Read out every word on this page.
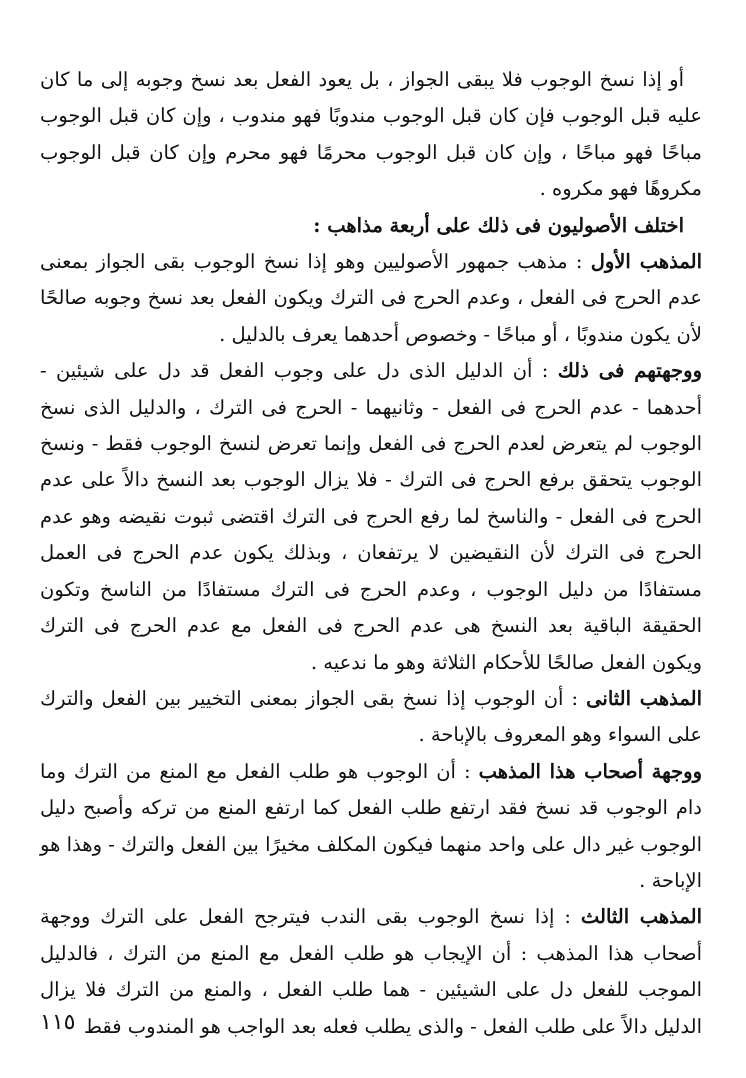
أو إذا نسخ الوجوب فلا يبقى الجواز ، بل يعود الفعل بعد نسخ وجوبه إلى ما كان عليه قبل الوجوب فإن كان قبل الوجوب مندوبًا فهو مندوب ، وإن كان قبل الوجوب مباحًا فهو مباحًا ، وإن كان قبل الوجوب محرمًا فهو محرم وإن كان قبل الوجوب مكروهًا فهو مكروه .

اختلف الأصوليون فى ذلك على أربعة مذاهب :

المذهب الأول : مذهب جمهور الأصوليين وهو إذا نسخ الوجوب بقى الجواز بمعنى عدم الحرج فى الفعل ، وعدم الحرج فى الترك ويكون الفعل بعد نسخ وجوبه صالحًا لأن يكون مندوبًا ، أو مباحًا - وخصوص أحدهما يعرف بالدليل .

ووجهتهم فى ذلك : أن الدليل الذى دل على وجوب الفعل قد دل على شيئين - أحدهما - عدم الحرج فى الفعل - وثانيهما - الحرج فى الترك ، والدليل الذى نسخ الوجوب لم يتعرض لعدم الحرج فى الفعل وإنما تعرض لنسخ الوجوب فقط - ونسخ الوجوب يتحقق برفع الحرج فى الترك - فلا يزال الوجوب بعد النسخ دالاً على عدم الحرج فى الفعل - والناسخ لما رفع الحرج فى الترك اقتضى ثبوت نقيضه وهو عدم الحرج فى الترك لأن النقيضين لا يرتفعان ، وبذلك يكون عدم الحرج فى العمل مستفادًا من دليل الوجوب ، وعدم الحرج فى الترك مستفادًا من الناسخ وتكون الحقيقة الباقية بعد النسخ هى عدم الحرج فى الفعل مع عدم الحرج فى الترك ويكون الفعل صالحًا للأحكام الثلاثة وهو ما ندعيه .

المذهب الثانى : أن الوجوب إذا نسخ بقى الجواز بمعنى التخيير بين الفعل والترك على السواء وهو المعروف بالإباحة .

ووجهة أصحاب هذا المذهب : أن الوجوب هو طلب الفعل مع المنع من الترك وما دام الوجوب قد نسخ فقد ارتفع طلب الفعل كما ارتفع المنع من تركه وأصبح دليل الوجوب غير دال على واحد منهما فيكون المكلف مخيرًا بين الفعل والترك - وهذا هو الإباحة .

المذهب الثالث : إذا نسخ الوجوب بقى الندب فيترجح الفعل على الترك ووجهة أصحاب هذا المذهب : أن الإيجاب هو طلب الفعل مع المنع من الترك ، فالدليل الموجب للفعل دل على الشيئين - هما طلب الفعل ، والمنع من الترك فلا يزال الدليل دالاً على طلب الفعل - والذى يطلب فعله بعد الواجب هو المندوب فقط

١١٥
